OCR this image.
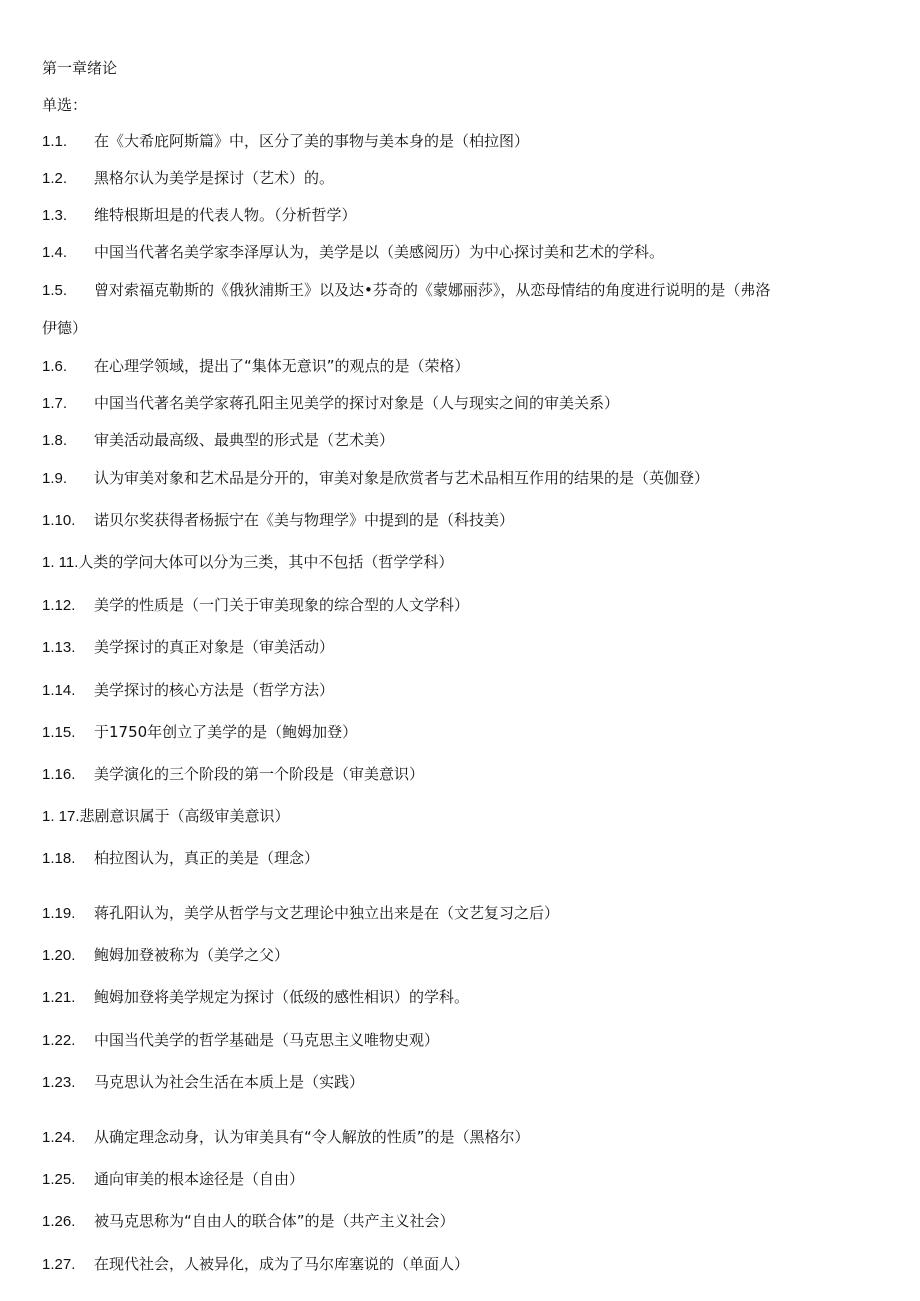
第一章绪论
单选：
1.1. 在《大希庇阿斯篇》中，区分了美的事物与美本身的是（柏拉图）
1.2. 黑格尔认为美学是探讨（艺术）的。
1.3. 维特根斯坦是的代表人物。（分析哲学）
1.4. 中国当代著名美学家李泽厚认为，美学是以（美感阅历）为中心探讨美和艺术的学科。
1.5. 曾对索福克勒斯的《俄狄浦斯王》以及达•芬奇的《蒙娜丽莎》，从恋母情结的角度进行说明的是（弗洛
伊德）
1.6. 在心理学领域，提出了“集体无意识”的观点的是（荣格）
1.7. 中国当代著名美学家蒋孔阳主见美学的探讨对象是（人与现实之间的审美关系）
1.8. 审美活动最高级、最典型的形式是（艺术美）
1.9. 认为审美对象和艺术品是分开的，审美对象是欣赏者与艺术品相互作用的结果的是（英伽登）
1.10. 诺贝尔奖获得者杨振宁在《美与物理学》中提到的是（科技美）
1. 11.人类的学问大体可以分为三类，其中不包括（哲学学科）
1.12. 美学的性质是（一门关于审美现象的综合型的人文学科）
1.13. 美学探讨的真正对象是（审美活动）
1.14. 美学探讨的核心方法是（哲学方法）
1.15. 于1750年创立了美学的是（鲍姆加登）
1.16. 美学演化的三个阶段的第一个阶段是（审美意识）
1. 17.悲剧意识属于（高级审美意识）
1.18. 柏拉图认为，真正的美是（理念）
1.19. 蒋孔阳认为，美学从哲学与文艺理论中独立出来是在（文艺复习之后）
1.20. 鲍姆加登被称为（美学之父）
1.21. 鲍姆加登将美学规定为探讨（低级的感性相识）的学科。
1.22. 中国当代美学的哲学基础是（马克思主义唯物史观）
1.23. 马克思认为社会生活在本质上是（实践）
1.24. 从确定理念动身，认为审美具有“令人解放的性质”的是（黑格尔）
1.25. 通向审美的根本途径是（自由）
1.26. 被马克思称为“自由人的联合体”的是（共产主义社会）
1.27. 在现代社会，人被异化，成为了马尔库塞说的（单面人）
